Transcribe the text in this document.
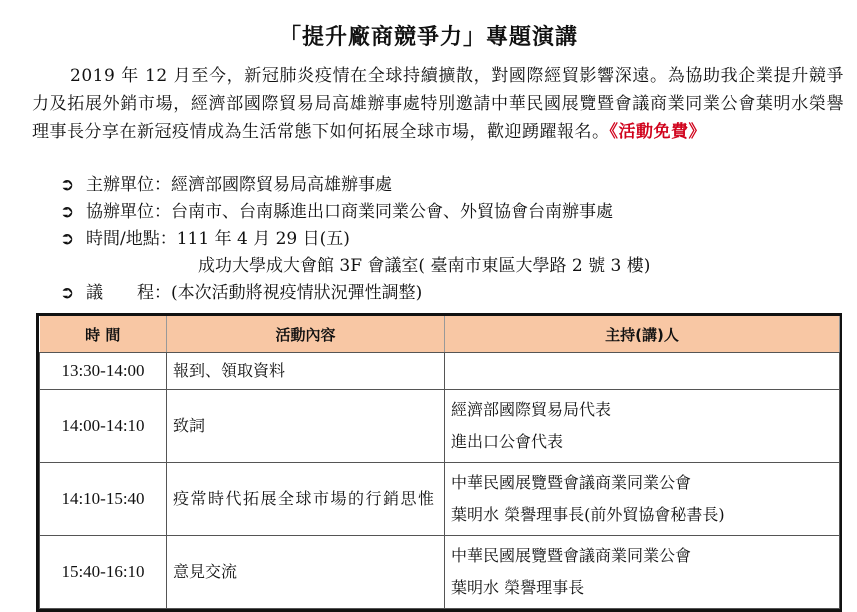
「提升廠商競爭力」專題演講
2019 年 12 月至今，新冠肺炎疫情在全球持續擴散，對國際經貿影響深遠。為協助我企業提升競爭力及拓展外銷市場，經濟部國際貿易局高雄辦事處特別邀請中華民國展覽暨會議商業同業公會葉明水榮譽理事長分享在新冠疫情成為生活常態下如何拓展全球市場，歡迎踴躍報名。《活動免費》
➲ 主辦單位：經濟部國際貿易局高雄辦事處
➲ 協辦單位：台南市、台南縣進出口商業同業公會、外貿協會台南辦事處
➲ 時間/地點：111 年 4 月 29 日(五)
成功大學成大會館 3F 會議室( 臺南市東區大學路 2 號 3 樓)
➲ 議　　程：(本次活動將視疫情狀況彈性調整)
時 間	活動內容	主持(講)人
13:30-14:00	報到、領取資料	
14:00-14:10	致詞	經濟部國際貿易局代表
進出口公會代表

14:10-15:40	疫常時代拓展全球市場的行銷思惟	中華民國展覽暨會議商業同業公會
葉明水 榮譽理事長(前外貿協會秘書長)

15:40-16:10	意見交流	中華民國展覽暨會議商業同業公會
葉明水 榮譽理事長
